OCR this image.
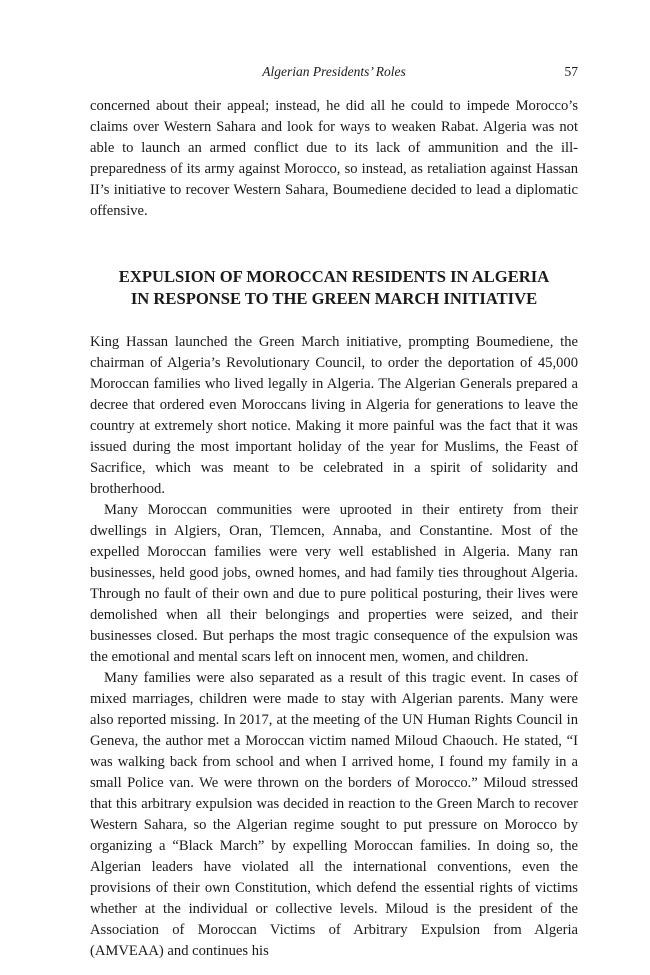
Algerian Presidents’ Roles	57

concerned about their appeal; instead, he did all he could to impede Morocco’s claims over Western Sahara and look for ways to weaken Rabat. Algeria was not able to launch an armed conflict due to its lack of ammunition and the ill-preparedness of its army against Morocco, so instead, as retaliation against Hassan II’s initiative to recover Western Sahara, Boumediene decided to lead a diplomatic offensive.

EXPULSION OF MOROCCAN RESIDENTS IN ALGERIA
IN RESPONSE TO THE GREEN MARCH INITIATIVE

King Hassan launched the Green March initiative, prompting Boumediene, the chairman of Algeria’s Revolutionary Council, to order the deportation of 45,000 Moroccan families who lived legally in Algeria. The Algerian Generals prepared a decree that ordered even Moroccans living in Algeria for generations to leave the country at extremely short notice. Making it more painful was the fact that it was issued during the most important holiday of the year for Muslims, the Feast of Sacrifice, which was meant to be celebrated in a spirit of solidarity and brotherhood.

Many Moroccan communities were uprooted in their entirety from their dwellings in Algiers, Oran, Tlemcen, Annaba, and Constantine. Most of the expelled Moroccan families were very well established in Algeria. Many ran businesses, held good jobs, owned homes, and had family ties throughout Algeria. Through no fault of their own and due to pure political posturing, their lives were demolished when all their belongings and properties were seized, and their businesses closed. But perhaps the most tragic consequence of the expulsion was the emotional and mental scars left on innocent men, women, and children.

Many families were also separated as a result of this tragic event. In cases of mixed marriages, children were made to stay with Algerian parents. Many were also reported missing. In 2017, at the meeting of the UN Human Rights Council in Geneva, the author met a Moroccan victim named Miloud Chaouch. He stated, “I was walking back from school and when I arrived home, I found my family in a small Police van. We were thrown on the borders of Morocco.” Miloud stressed that this arbitrary expulsion was decided in reaction to the Green March to recover Western Sahara, so the Algerian regime sought to put pressure on Morocco by organizing a “Black March” by expelling Moroccan families. In doing so, the Algerian leaders have violated all the international conventions, even the provisions of their own Constitution, which defend the essential rights of victims whether at the individual or collective levels. Miloud is the president of the Association of Moroccan Victims of Arbitrary Expulsion from Algeria (AMVEAA) and continues his
